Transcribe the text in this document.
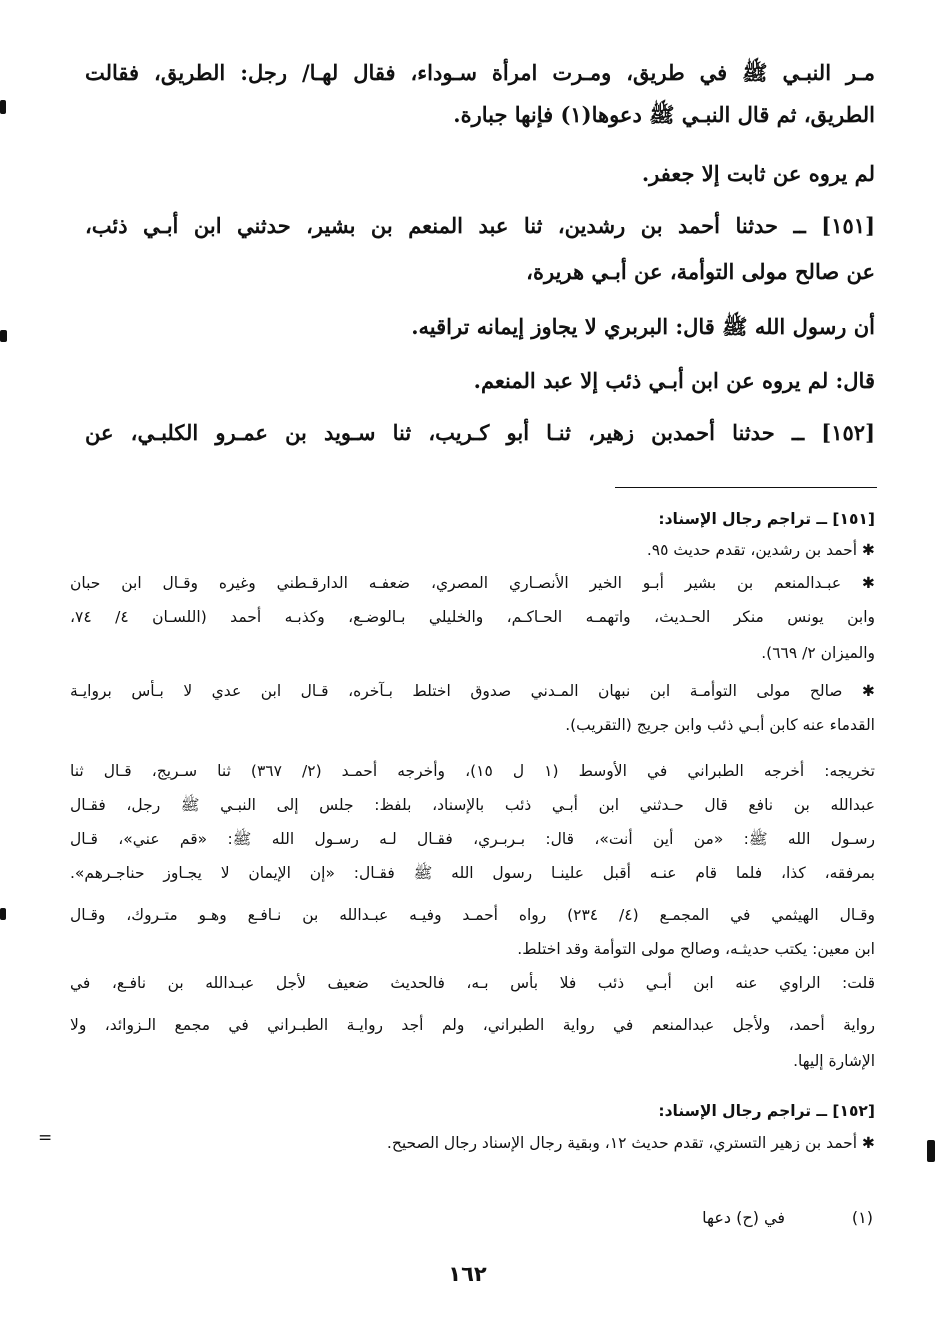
مـر النبـي ﷺ في طريق، ومـرت امرأة سـوداء، فقال لهـا/ رجل: الطريق، فقالت
الطريق، ثم قال النبـي ﷺ دعوها(١) فإنها جبارة.
لم يروه عن ثابت إلا جعفر.
[١٥١] ــ حدثنا أحمد بن رشدين، ثنا عبد المنعم بن بشير، حدثني ابن أبـي ذئب،
عن صالح مولى التوأمة، عن أبـي هريرة،
أن رسول الله ﷺ قال: البربري لا يجاوز إيمانه تراقيه.
قال: لم يروه عن ابن أبـي ذئب إلا عبد المنعم.
[١٥٢] ــ حدثنا أحمدبن زهير، ثنـا أبو كـريب، ثنا سـويد بن عمـرو الكلبـي، عن
[١٥١] ــ تراجم رجال الإسناد:
✱ أحمد بن رشدين، تقدم حديث ٩٥.
✱ عبـدالمنعم بن بشير أبـو الخير الأنصـاري المصري، ضعفـه الدارقـطني وغيره وقـال ابن حبان
وابن يونس منكر الحـديث، واتهمـه الحـاكـم، والخليلي بـالوضـع، وكذبـه أحمد (اللسـان ٤/ ٧٤،
والميزان ٢/ ٦٦٩).
✱ صالح مولى التوأمـة ابن نبهان المـدني صدوق اختلط بـآخره، قـال ابن عدي لا بـأس بروايـة
القدماء عنه كابن أبـي ذئب وابن جريج (التقريب).
تخريجه: أخرجه الطبراني في الأوسط (١ ل ١٥)، وأخرجه أحمـد (٢/ ٣٦٧) ثنا سـريج، قـال ثنا
عبدالله بن نافع قال حـدثني ابن أبـي ذئب بالإسناد، بلفظ: جلس إلى النبـي ﷺ رجل، فقـال
رسـول الله ﷺ: «من أين أنت»، قال: بـربـري، فقـال لـه رسـول الله ﷺ: «قم عني»، قـال
بمرفقه، كذا، فلما قام عنـه أقبل علينـا رسول الله ﷺ فقـال: «إن الإيمان لا يجـاوز حناجـرهم».
وقـال الهيثمي في المجمـع (٤/ ٢٣٤) رواه أحمـد وفيـه عبـدالله بن نـافـع وهـو متـروك، وقـال
ابن معين: يكتب حديثـه، وصالح مولى التوأمة وقد اختلط.
قلت: الراوي عنه ابن أبـي ذئب فلا بأس بـه، فالحديث ضعيف لأجل عبـدالله بن نافـع، في
رواية أحمد، ولأجل عبدالمنعم في رواية الطبراني، ولم أجد روايـة الطبـراني في مجمع الـزوائد، ولا
الإشارة إليها.
[١٥٢] ــ تراجم رجال الإسناد:
✱ أحمد بن زهير التستري، تقدم حديث ١٢، وبقية رجال الإسناد رجال الصحيح.
(١)
في (ح) دعها
١٦٢
=
